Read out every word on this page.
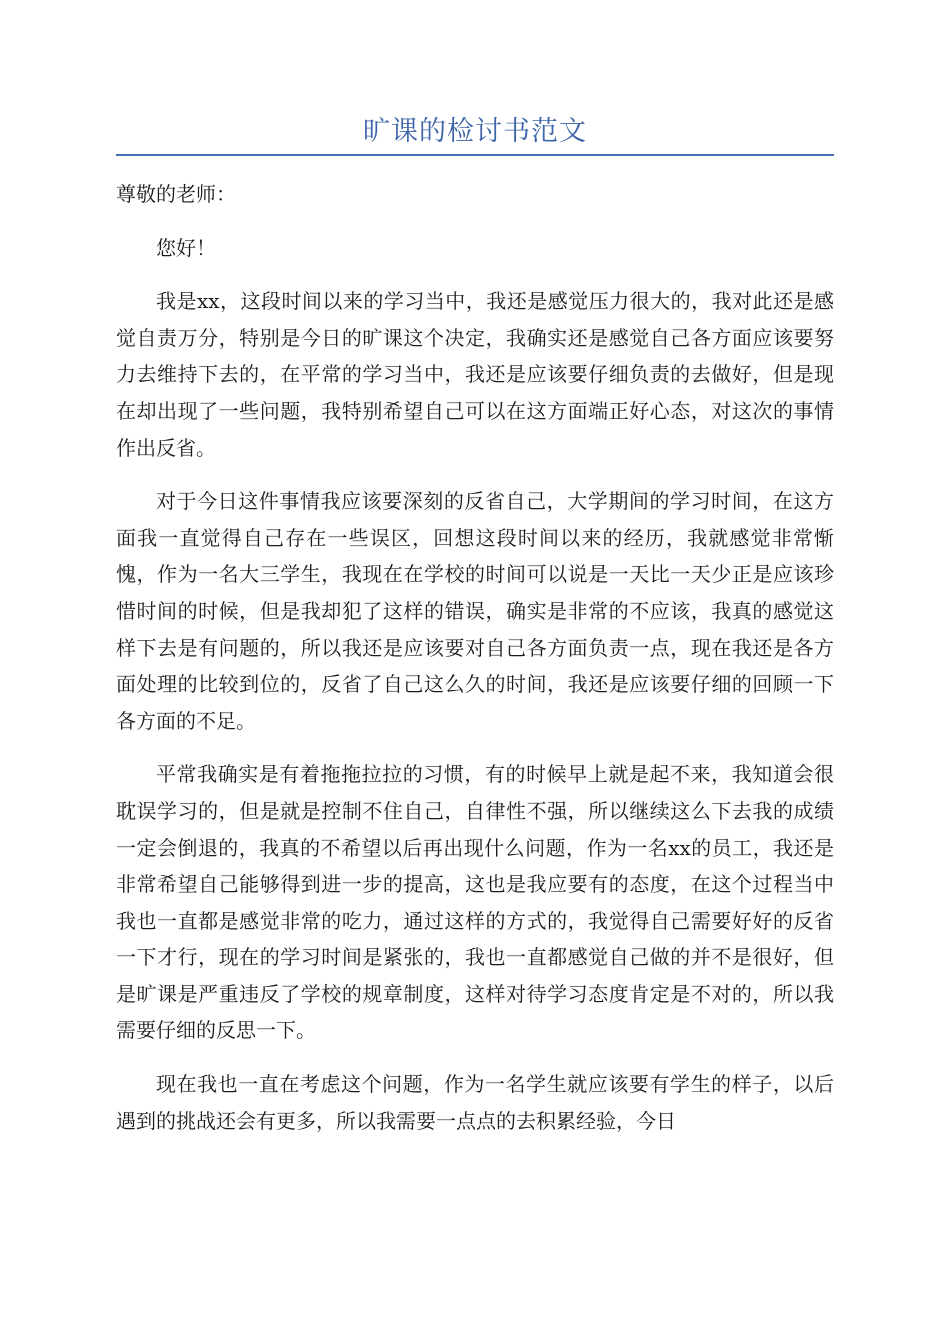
旷课的检讨书范文

尊敬的老师：

您好！

我是xx，这段时间以来的学习当中，我还是感觉压力很大的，我对此还是感觉自责万分，特别是今日的旷课这个决定，我确实还是感觉自己各方面应该要努力去维持下去的，在平常的学习当中，我还是应该要仔细负责的去做好，但是现在却出现了一些问题，我特别希望自己可以在这方面端正好心态，对这次的事情作出反省。

对于今日这件事情我应该要深刻的反省自己，大学期间的学习时间，在这方面我一直觉得自己存在一些误区，回想这段时间以来的经历，我就感觉非常惭愧，作为一名大三学生，我现在在学校的时间可以说是一天比一天少正是应该珍惜时间的时候，但是我却犯了这样的错误，确实是非常的不应该，我真的感觉这样下去是有问题的，所以我还是应该要对自己各方面负责一点，现在我还是各方面处理的比较到位的，反省了自己这么久的时间，我还是应该要仔细的回顾一下各方面的不足。

平常我确实是有着拖拖拉拉的习惯，有的时候早上就是起不来，我知道会很耽误学习的，但是就是控制不住自己，自律性不强，所以继续这么下去我的成绩一定会倒退的，我真的不希望以后再出现什么问题，作为一名xx的员工，我还是非常希望自己能够得到进一步的提高，这也是我应要有的态度，在这个过程当中我也一直都是感觉非常的吃力，通过这样的方式的，我觉得自己需要好好的反省一下才行，现在的学习时间是紧张的，我也一直都感觉自己做的并不是很好，但是旷课是严重违反了学校的规章制度，这样对待学习态度肯定是不对的，所以我需要仔细的反思一下。

现在我也一直在考虑这个问题，作为一名学生就应该要有学生的样子，以后遇到的挑战还会有更多，所以我需要一点点的去积累经验，今日
